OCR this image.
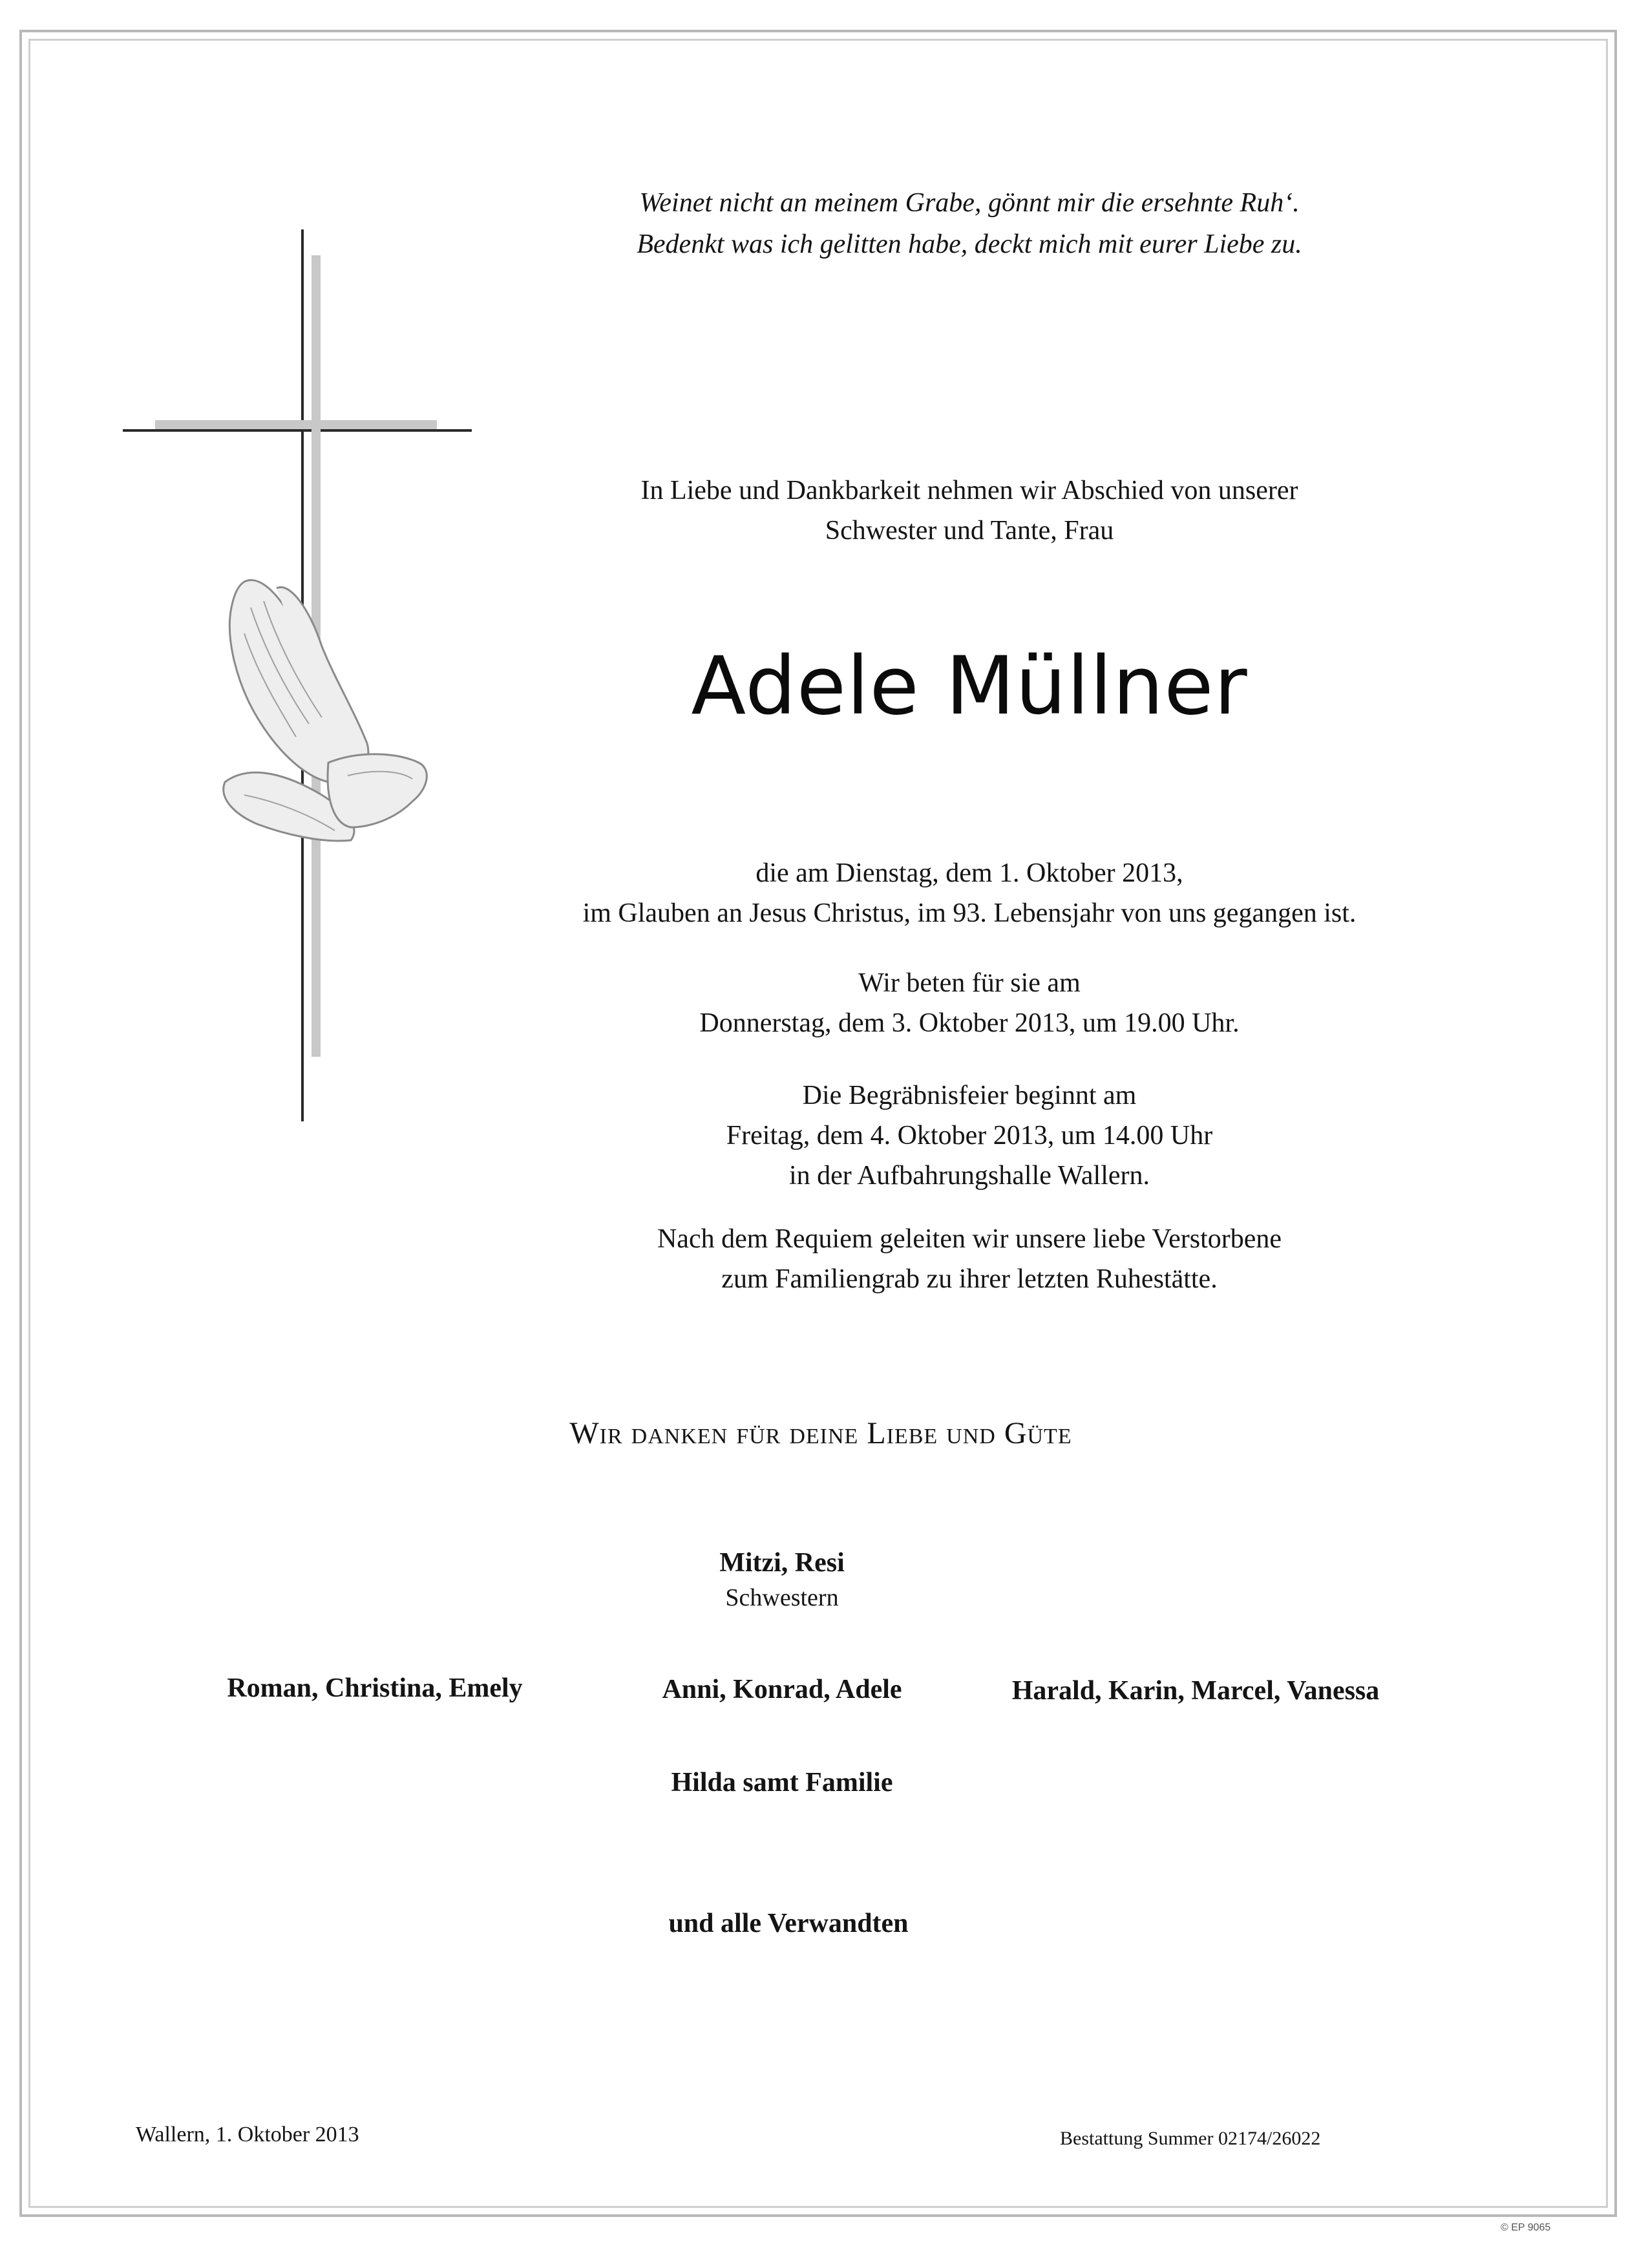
Weinet nicht an meinem Grabe, gönnt mir die ersehnte Ruh‘.
Bedenkt was ich gelitten habe, deckt mich mit eurer Liebe zu.
In Liebe und Dankbarkeit nehmen wir Abschied von unserer
Schwester und Tante, Frau
Adele Müllner
die am Dienstag, dem 1. Oktober 2013,
im Glauben an Jesus Christus, im 93. Lebensjahr von uns gegangen ist.
Wir beten für sie am
Donnerstag, dem 3. Oktober 2013, um 19.00 Uhr.
Die Begräbnisfeier beginnt am
Freitag, dem 4. Oktober 2013, um 14.00 Uhr
in der Aufbahrungshalle Wallern.
Nach dem Requiem geleiten wir unsere liebe Verstorbene
zum Familiengrab zu ihrer letzten Ruhestätte.
Wir danken für deine Liebe und Güte
Mitzi, Resi
Schwestern
Roman, Christina, Emely	Anni, Konrad, Adele	Harald, Karin, Marcel, Vanessa
Hilda samt Familie
und alle Verwandten
Wallern, 1. Oktober 2013	Bestattung Summer 02174/26022
© EP 9065
